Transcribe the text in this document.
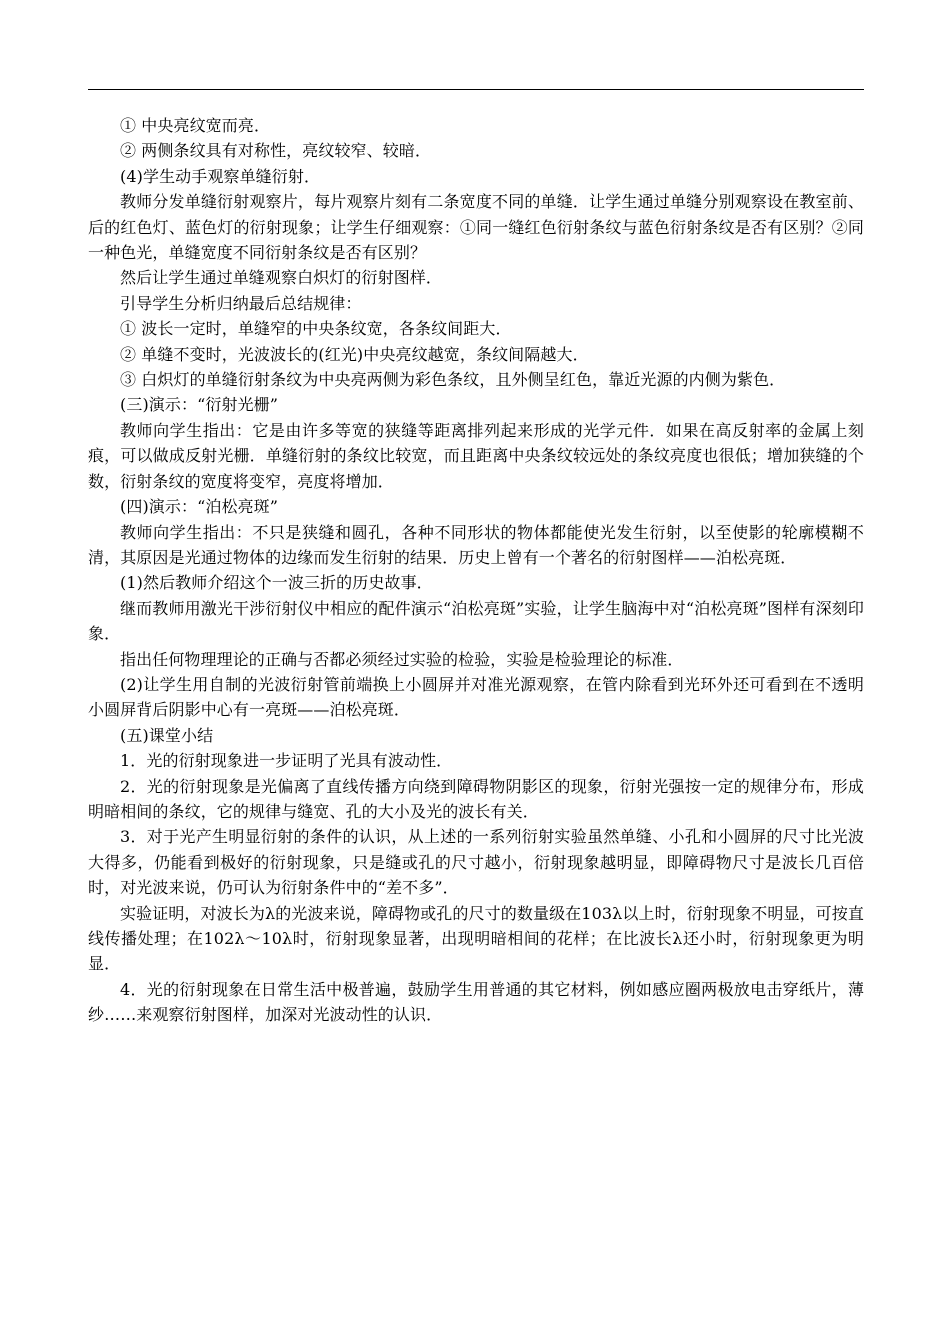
① 中央亮纹宽而亮．

② 两侧条纹具有对称性，亮纹较窄、较暗．

(4)学生动手观察单缝衍射．

教师分发单缝衍射观察片，每片观察片刻有二条宽度不同的单缝．让学生通过单缝分别观察设在教室前、后的红色灯、蓝色灯的衍射现象；让学生仔细观察：①同一缝红色衍射条纹与蓝色衍射条纹是否有区别？②同一种色光，单缝宽度不同衍射条纹是否有区别？

然后让学生通过单缝观察白炽灯的衍射图样．

引导学生分析归纳最后总结规律：

① 波长一定时，单缝窄的中央条纹宽，各条纹间距大．

② 单缝不变时，光波波长的(红光)中央亮纹越宽，条纹间隔越大．

③ 白炽灯的单缝衍射条纹为中央亮两侧为彩色条纹，且外侧呈红色，靠近光源的内侧为紫色．

(三)演示：“衍射光栅”

教师向学生指出：它是由许多等宽的狭缝等距离排列起来形成的光学元件．如果在高反射率的金属上刻痕，可以做成反射光栅．单缝衍射的条纹比较宽，而且距离中央条纹较远处的条纹亮度也很低；增加狭缝的个数，衍射条纹的宽度将变窄，亮度将增加．

(四)演示：“泊松亮斑”

教师向学生指出：不只是狭缝和圆孔，各种不同形状的物体都能使光发生衍射，以至使影的轮廓模糊不清，其原因是光通过物体的边缘而发生衍射的结果．历史上曾有一个著名的衍射图样——泊松亮斑．

(1)然后教师介绍这个一波三折的历史故事．

继而教师用激光干涉衍射仪中相应的配件演示“泊松亮斑”实验，让学生脑海中对“泊松亮斑”图样有深刻印象．

指出任何物理理论的正确与否都必须经过实验的检验，实验是检验理论的标准．

(2)让学生用自制的光波衍射管前端换上小圆屏并对准光源观察，在管内除看到光环外还可看到在不透明小圆屏背后阴影中心有一亮斑——泊松亮斑．

(五)课堂小结

1．光的衍射现象进一步证明了光具有波动性．

2．光的衍射现象是光偏离了直线传播方向绕到障碍物阴影区的现象，衍射光强按一定的规律分布，形成明暗相间的条纹，它的规律与缝宽、孔的大小及光的波长有关．

3．对于光产生明显衍射的条件的认识，从上述的一系列衍射实验虽然单缝、小孔和小圆屏的尺寸比光波大得多，仍能看到极好的衍射现象，只是缝或孔的尺寸越小，衍射现象越明显，即障碍物尺寸是波长几百倍时，对光波来说，仍可认为衍射条件中的“差不多”．

实验证明，对波长为λ的光波来说，障碍物或孔的尺寸的数量级在103λ以上时，衍射现象不明显，可按直线传播处理；在102λ～10λ时，衍射现象显著，出现明暗相间的花样；在比波长λ还小时，衍射现象更为明显．

4．光的衍射现象在日常生活中极普遍，鼓励学生用普通的其它材料，例如感应圈两极放电击穿纸片，薄纱……来观察衍射图样，加深对光波动性的认识．
